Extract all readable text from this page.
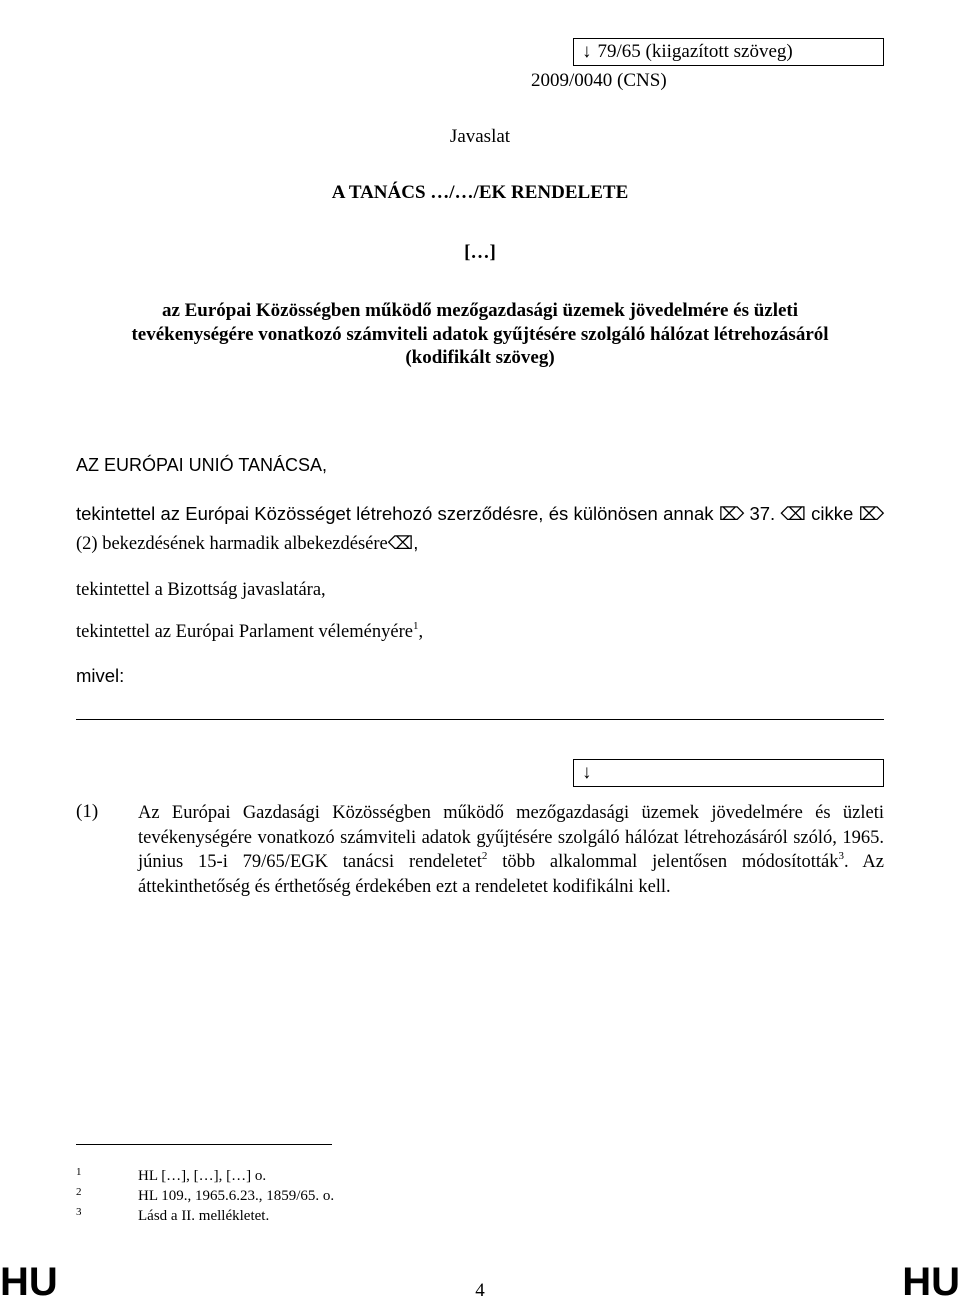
↓ 79/65 (kiigazított szöveg)
2009/0040 (CNS)
Javaslat
A TANÁCS …/…/EK RENDELETE
[…]
az Európai Közösségben működő mezőgazdasági üzemek jövedelmére és üzleti
tevékenységére vonatkozó számviteli adatok gyűjtésére szolgáló hálózat létrehozásáról
(kodifikált szöveg)
AZ EURÓPAI UNIÓ TANÁCSA,
tekintettel az Európai Közösséget létrehozó szerződésre, és különösen annak ⌦ 37. ⌫ cikke ⌦ (2) bekezdésének harmadik albekezdésére⌫,
tekintettel a Bizottság javaslatára,
tekintettel az Európai Parlament véleményére$^1$,
mivel:
↓
(1) Az Európai Gazdasági Közösségben működő mezőgazdasági üzemek jövedelmére és üzleti tevékenységére vonatkozó számviteli adatok gyűjtésére szolgáló hálózat létrehozásáról szóló, 1965. június 15-i 79/65/EGK tanácsi rendeletet$^2$ több alkalommal jelentősen módosították$^3$. Az áttekinthetőség és érthetőség érdekében ezt a rendeletet kodifikálni kell.
1	HL […], […], […] o.
2	HL 109., 1965.6.23., 1859/65. o.
3	Lásd a II. mellékletet.
HU	4	HU
